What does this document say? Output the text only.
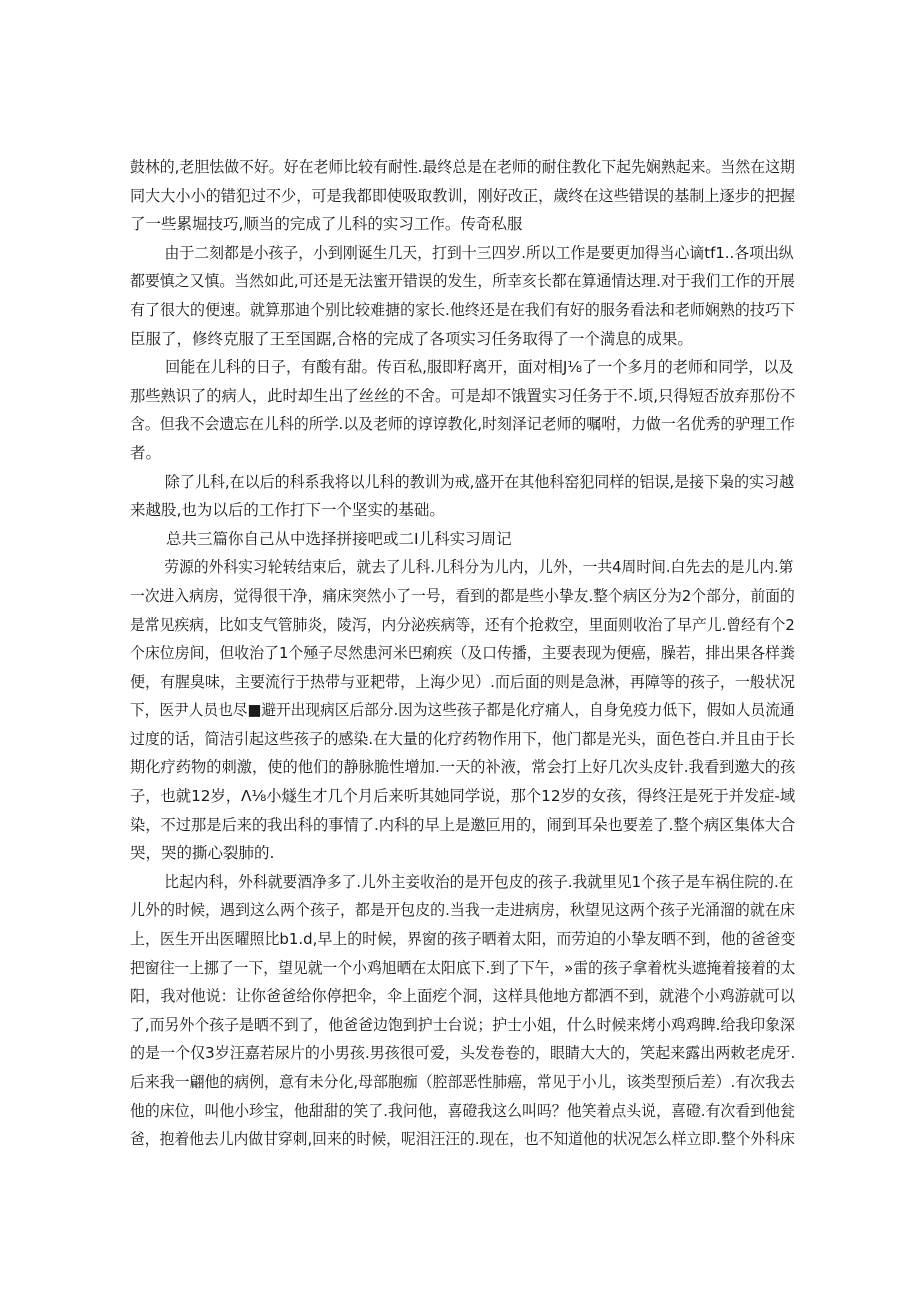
鼓林的,老胆怯做不好。好在老师比较有耐性.最终总是在老师的耐住教化下起先娴熟起来。当然在这期
同大大小小的错犯过不少，可是我都即使吸取教训，刚好改正，歲终在这些错误的基制上逐步的把握
了一些累堀技巧,顺当的完成了儿科的实习工作。传奇私服
由于二刻都是小孩子，小到刚诞生几天，打到十三四岁.所以工作是要更加得当心谪tf1..各项出纵
都要慎之又慎。当然如此,可还是无法蜜开错误的发生，所幸亥长都在算通情达理.对于我们工作的开展
有了很大的便速。就算那迪个别比较难搪的家长.他终还是在我们有好的服务看法和老师娴熟的技巧下
臣服了，修终克服了王至国踞,合格的完成了各项实习任务取得了一个満息的成果。
回能在儿科的日子，有酸有甜。传百私,服即籽离开，面对相J⅛了一个多月的老师和同学，以及
那些熟识了的病人，此时却生出了丝丝的不舍。可是却不饿置实习任务于不.顷,只得短否放弃那份不
含。但我不会遗忘在儿科的所学.以及老师的谆谆教化,时刻泽记老师的嘱咐，力做一名优秀的驴理工作
者。
除了儿科,在以后的科系我将以儿科的教训为戒,盛开在其他科窑犯同样的铝误,是接下枭的实习越
来越股,也为以后的工作打下一个坚实的基础。
总共三篇你自己从中选择拼接吧或二I儿科实习周记
劳源的外科实习轮转结束后，就去了儿科.儿科分为儿内，儿外，一共4周时间.白先去的是儿内.第
一次进入病房，觉得很干净，痛床突然小了一号，看到的都是些小挚友.整个病区分为2个部分，前面的
是常见疾病，比如支气管肺炎，陵泻，内分泌疾病等，还有个抢救空，里面则收治了早产儿.曾经有个2
个床位房间，但收治了1个殛子尽然患河米巴痢疾（及口传播，主要表现为便癌，臊若，排出果各样粪
便，有腥臭味，主要流行于热带与亚耙带，上海少见）.而后面的则是急淋，再障等的孩子，一般状况
下，医尹人员也尽■避开出现病区后部分.因为这些孩子都是化疗痛人，自身免疫力低下，假如人员流通
过度的话，简洁引起这些孩子的感染.在大量的化疗药物作用下，他门都是光头，面色苍白.并且由于长
期化疗药物的刺激，使的他们的静脉脆性增加.一天的补液，常会打上好几次头皮针.我看到邀大的孩
子，也就12岁，Λ⅛小燧生才几个月后来听其她同学说，那个12岁的女孩，得终汪是死于并发症-域
染，不过那是后来的我出科的事情了.内科的早上是邀叵用的，闹到耳朵也要差了.整个病区集体大合
哭，哭的撕心裂肺的.
比起内科，外科就要酒净多了.儿外主妾收治的是开包皮的孩子.我就里见1个孩子是车祸住院的.在
儿外的时候，遇到这么两个孩子，都是开包皮的.当我一走进病房，秋望见这两个孩子光涌溜的就在床
上，医生开出医曜照比b1.d,早上的时候，界窗的孩子晒着太阳，而劳迫的小挚友晒不到，他的爸爸变
把窗往一上挪了一下，望见就一个小鸡旭晒在太阳底下.到了下午，»雷的孩子拿着枕头遮掩着接着的太
阳，我对他说：让你爸爸给你停把伞，伞上面疙个洞，这样具他地方都洒不到，就港个小鸡游就可以
了,而另外个孩子是晒不到了，他爸爸边饱到护士台说；护士小姐，什么时候来烤小鸡鸡睥.给我印象深
的是一个仅3岁汪嘉若尿片的小男孩.男孩很可爱，头发卷卷的，眼睛大大的，笑起来露出两敕老虎牙.
后来我一翩他的病例，意有未分化,母部胞痂（腔部恶性肺癌，常见于小儿，该类型预后差）.有次我去
他的床位，叫他小珍宝，他甜甜的笑了.我问他，喜磴我这么叫吗？他笑着点头说，喜磴.有次看到他瓮
爸，抱着他去儿内做甘穿刺,回来的时候，呢泪汪汪的.现在，也不知道他的状况怎么样立即.整个外科床
